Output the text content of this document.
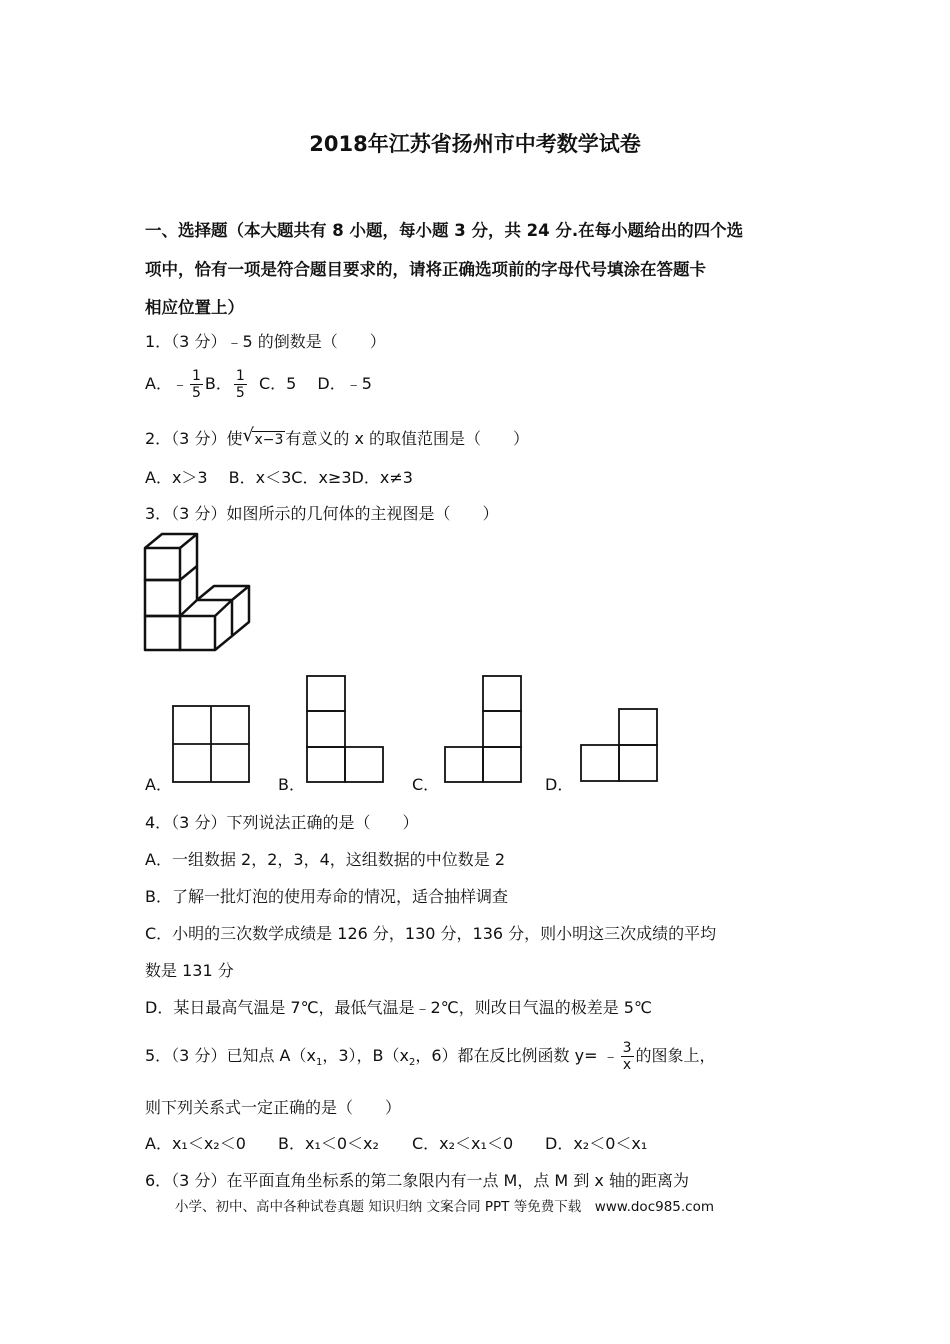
2018年江苏省扬州市中考数学试卷
一、选择题（本大题共有 8 小题，每小题 3 分，共 24 分.在每小题给出的四个选
项中，恰有一项是符合题目要求的，请将正确选项前的字母代号填涂在答题卡
相应位置上）
1．（3 分）﹣5 的倒数是（　　）
A．﹣ $\frac{1}{5}$ B． $\frac{1}{5}$ C．5　 D．﹣5
2．（3 分）使 √ x−3 有意义的 x 的取值范围是（　　）
A．x＞3　 B．x＜3C．x≥3D．x≠3
3．（3 分）如图所示的几何体的主视图是（　　）
A．	B．	C．	D．
4．（3 分）下列说法正确的是（　　）
A．一组数据 2，2，3，4，这组数据的中位数是 2
B．了解一批灯泡的使用寿命的情况，适合抽样调查
C．小明的三次数学成绩是 126 分，130 分，136 分，则小明这三次成绩的平均
数是 131 分
D．某日最高气温是 7℃，最低气温是﹣2℃，则改日气温的极差是 5℃
5．（3 分）已知点 $A(x_1$，3），$B(x_2$，6）都在反比例函数 y= ﹣ $\frac{3}{x}$ 的图象上，
则下列关系式一定正确的是（　　）
A．x₁＜x₂＜0 B．x₁＜0＜x₂ C．x₂＜x₁＜0 D．x₂＜0＜x₁
6．（3 分）在平面直角坐标系的第二象限内有一点 M，点 M 到 x 轴的距离为
小学、初中、高中各种试卷真题 知识归纳 文案合同 PPT 等免费下载　www.doc985.com
